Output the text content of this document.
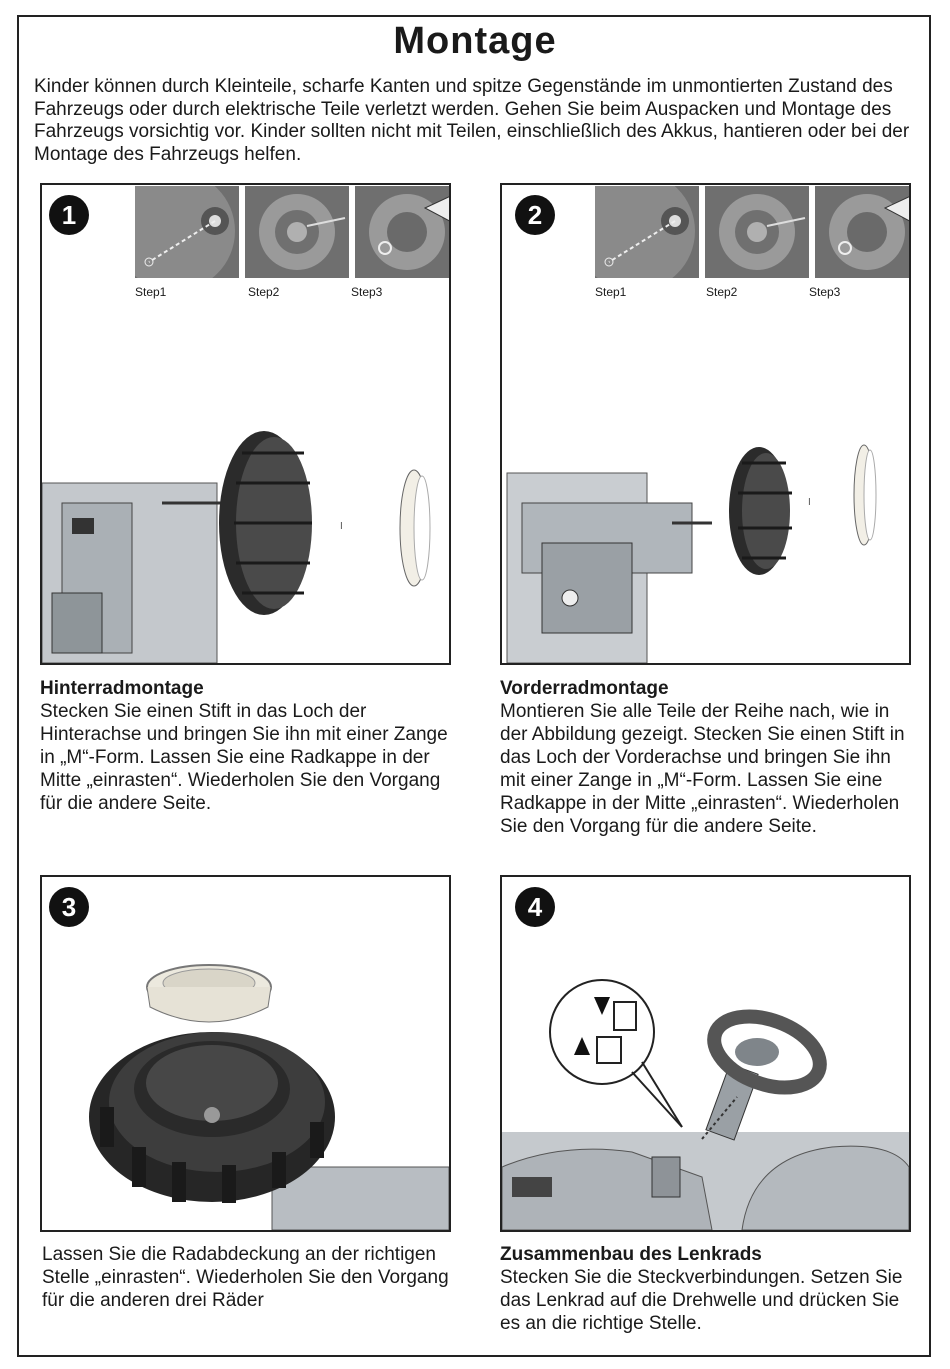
Montage
Kinder können durch Kleinteile, scharfe Kanten und spitze Gegenstände im unmontierten Zustand des Fahrzeugs oder durch elektrische Teile verletzt werden. Gehen Sie beim Auspacken und Montage des Fahrzeugs vorsichtig vor. Kinder sollten nicht mit Teilen, einschließlich des Akkus, hantieren oder bei der Montage des Fahrzeugs helfen.
1
Step1	Step2	Step3
I
Hinterradmontage
Stecken Sie einen Stift in das Loch der Hinterachse und bringen Sie ihn mit einer Zange in „M“-Form. Lassen Sie eine Radkappe in der Mitte „einrasten“. Wiederholen Sie den Vorgang für die andere Seite.
2
Step1	Step2	Step3
I
Vorderradmontage
Montieren Sie alle Teile der Reihe nach, wie in der Abbildung gezeigt. Stecken Sie einen Stift in das Loch der Vorderachse und bringen Sie ihn mit einer Zange in „M“-Form. Lassen Sie eine Radkappe in der Mitte „einrasten“. Wiederholen Sie den Vorgang für die andere Seite.
3
Lassen Sie die Radabdeckung an der richtigen Stelle „einrasten“. Wiederholen Sie den Vorgang für die anderen drei Räder
4
Zusammenbau des Lenkrads
Stecken Sie die Steckverbindungen. Setzen Sie das Lenkrad auf die Drehwelle und drücken Sie es an die richtige Stelle.
